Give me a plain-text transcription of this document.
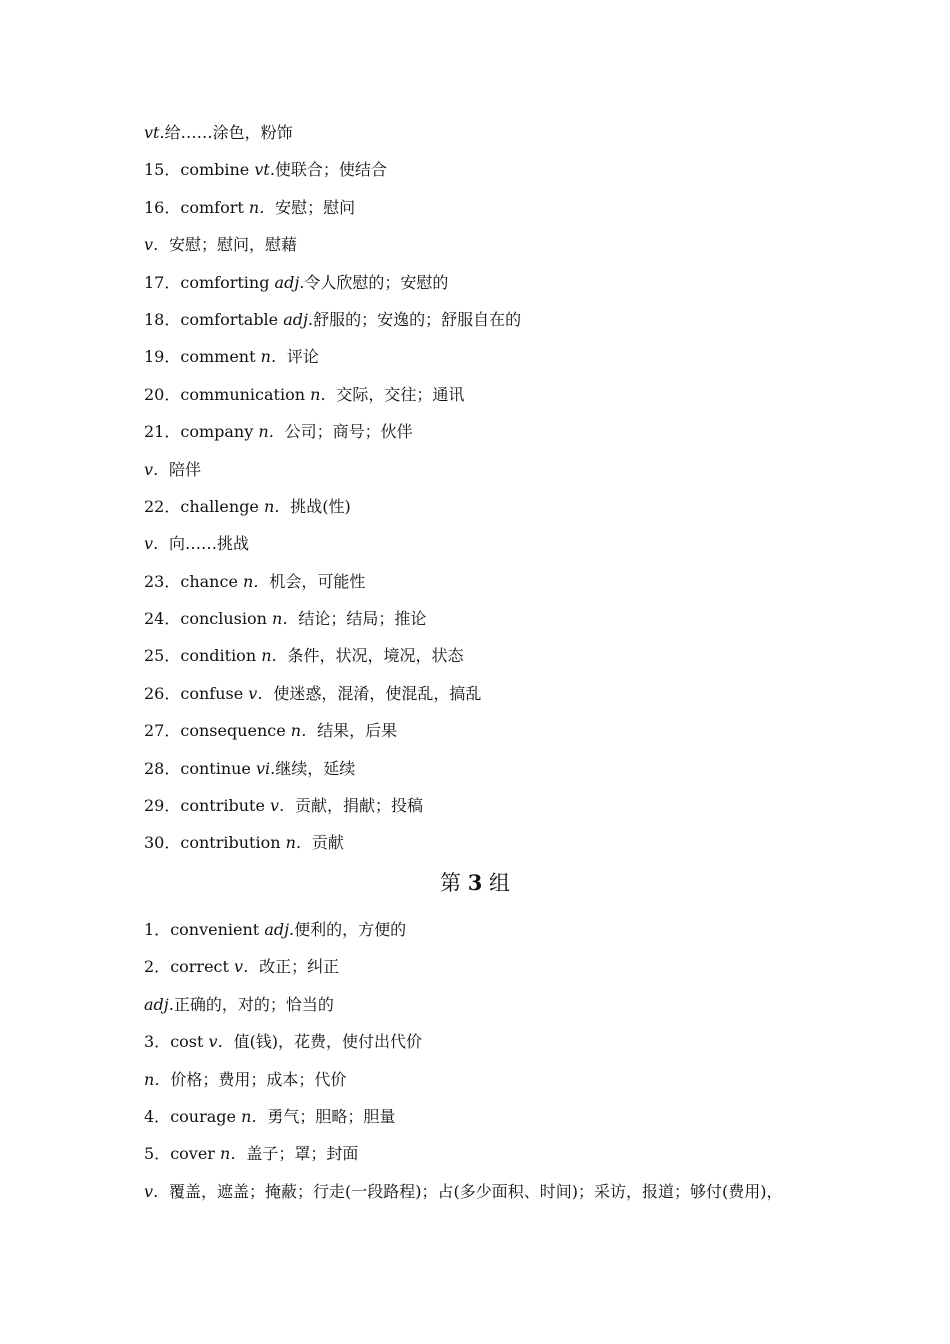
vt.给……涂色，粉饰
15．combine vt.使联合；使结合
16．comfort n．安慰；慰问
v．安慰；慰问，慰藉
17．comforting adj.令人欣慰的；安慰的
18．comfortable adj.舒服的；安逸的；舒服自在的
19．comment n．评论
20．communication n．交际，交往；通讯
21．company n．公司；商号；伙伴
v．陪伴
22．challenge n．挑战(性)
v．向……挑战
23．chance n．机会，可能性
24．conclusion n．结论；结局；推论
25．condition n．条件，状况，境况，状态
26．confuse v．使迷惑，混淆，使混乱，搞乱
27．consequence n．结果，后果
28．continue vi.继续，延续
29．contribute v．贡献，捐献；投稿
30．contribution n．贡献
第 3 组
1．convenient adj.便利的，方便的
2．correct v．改正；纠正
adj.正确的，对的；恰当的
3．cost v．值(钱)，花费，使付出代价
n．价格；费用；成本；代价
4．courage n．勇气；胆略；胆量
5．cover n．盖子；罩；封面
v．覆盖，遮盖；掩蔽；行走(一段路程)；占(多少面积、时间)；采访，报道；够付(费用)，
